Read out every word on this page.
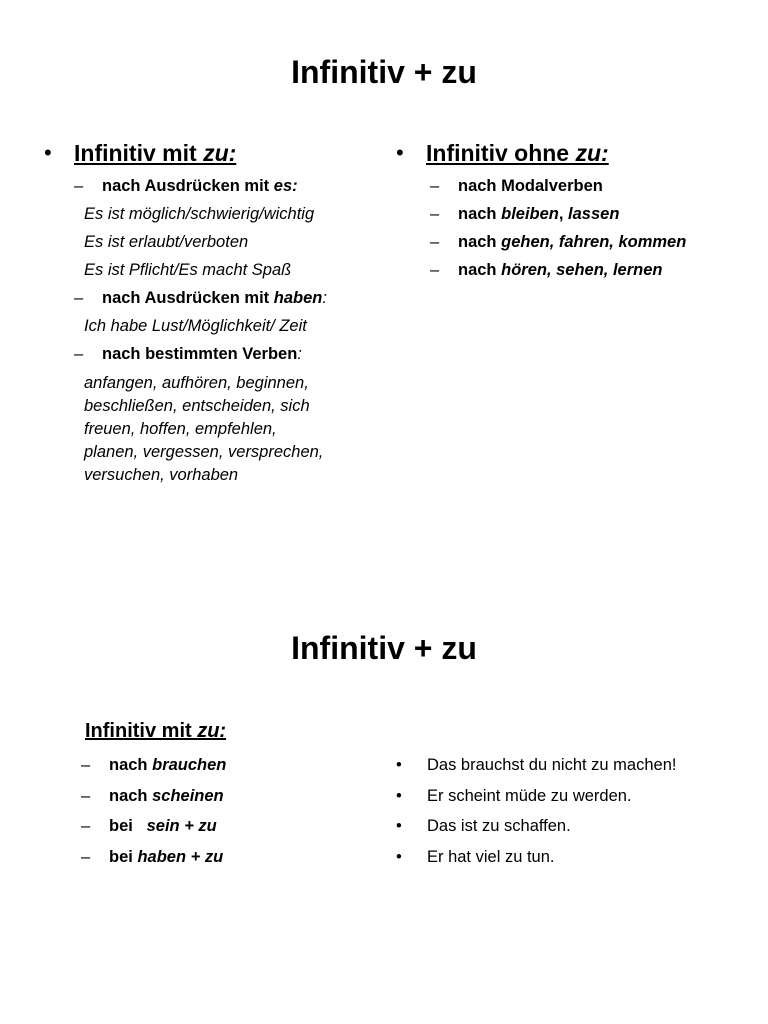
Infinitiv + zu
• Infinitiv mit zu:
– nach Ausdrücken mit es:
Es ist möglich/schwierig/wichtig
Es ist erlaubt/verboten
Es ist Pflicht/Es macht Spaß
– nach Ausdrücken mit haben:
Ich habe Lust/Möglichkeit/ Zeit
– nach bestimmten Verben:
anfangen, aufhören, beginnen,
beschließen, entscheiden, sich
freuen, hoffen, empfehlen,
planen, vergessen, versprechen,
versuchen, vorhaben
• Infinitiv ohne zu:
– nach Modalverben
– nach bleiben, lassen
– nach gehen, fahren, kommen
– nach hören, sehen, lernen
Infinitiv + zu
Infinitiv mit zu:
– nach brauchen
– nach scheinen
– bei   sein + zu
– bei haben + zu
• Das brauchst du nicht zu machen!
• Er scheint müde zu werden.
• Das ist zu schaffen.
• Er hat viel zu tun.
